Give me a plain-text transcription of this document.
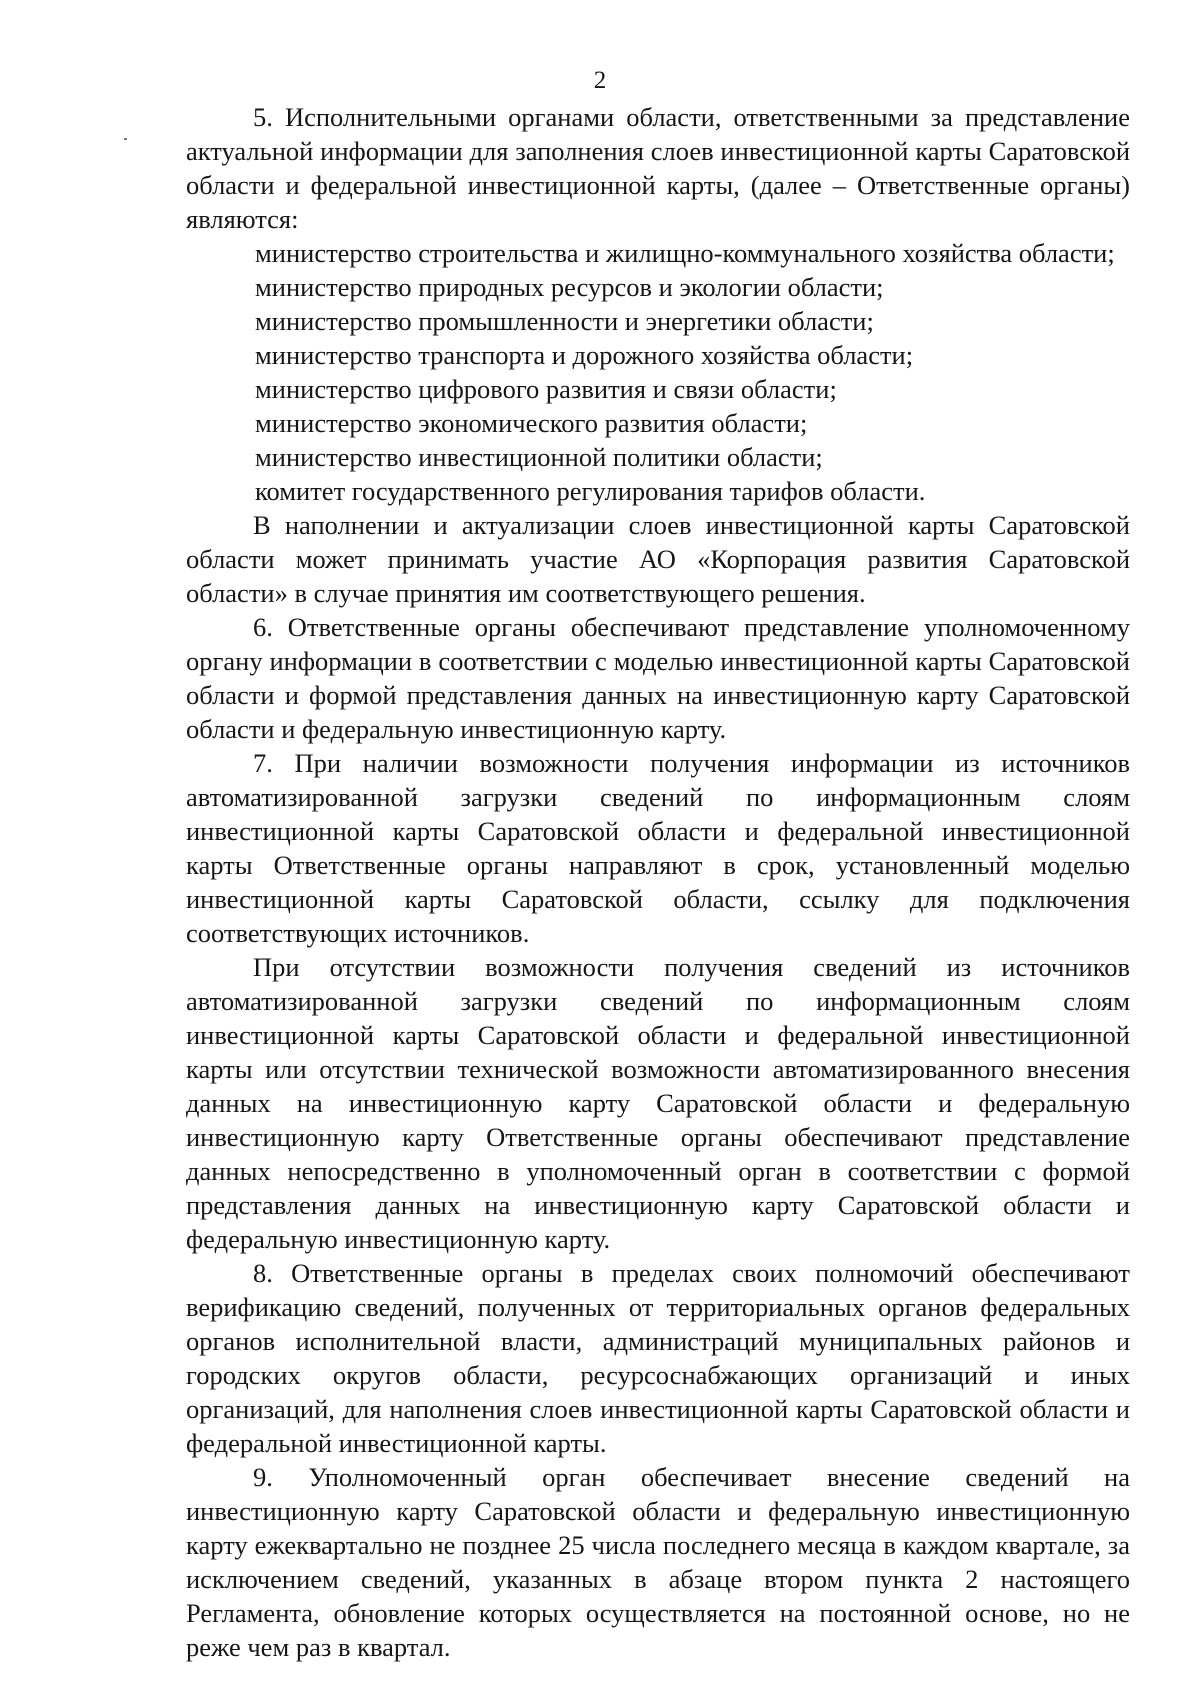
2

5. Исполнительными органами области, ответственными за представление актуальной информации для заполнения слоев инвестиционной карты Саратовской области и федеральной инвестиционной карты, (далее – Ответственные органы) являются:

министерство строительства и жилищно-коммунального хозяйства области;
министерство природных ресурсов и экологии области;
министерство промышленности и энергетики области;
министерство транспорта и дорожного хозяйства области;
министерство цифрового развития и связи области;
министерство экономического развития области;
министерство инвестиционной политики области;
комитет государственного регулирования тарифов области.

В наполнении и актуализации слоев инвестиционной карты Саратовской области может принимать участие АО «Корпорация развития Саратовской области» в случае принятия им соответствующего решения.

6. Ответственные органы обеспечивают представление уполномоченному органу информации в соответствии с моделью инвестиционной карты Саратовской области и формой представления данных на инвестиционную карту Саратовской области и федеральную инвестиционную карту.

7. При наличии возможности получения информации из источников автоматизированной загрузки сведений по информационным слоям инвестиционной карты Саратовской области и федеральной инвестиционной карты Ответственные органы направляют в срок, установленный моделью инвестиционной карты Саратовской области, ссылку для подключения соответствующих источников.

При отсутствии возможности получения сведений из источников автоматизированной загрузки сведений по информационным слоям инвестиционной карты Саратовской области и федеральной инвестиционной карты или отсутствии технической возможности автоматизированного внесения данных на инвестиционную карту Саратовской области и федеральную инвестиционную карту Ответственные органы обеспечивают представление данных непосредственно в уполномоченный орган в соответствии с формой представления данных на инвестиционную карту Саратовской области и федеральную инвестиционную карту.

8. Ответственные органы в пределах своих полномочий обеспечивают верификацию сведений, полученных от территориальных органов федеральных органов исполнительной власти, администраций муниципальных районов и городских округов области, ресурсоснабжающих организаций и иных организаций, для наполнения слоев инвестиционной карты Саратовской области и федеральной инвестиционной карты.

9. Уполномоченный орган обеспечивает внесение сведений на инвестиционную карту Саратовской области и федеральную инвестиционную карту ежеквартально не позднее 25 числа последнего месяца в каждом квартале, за исключением сведений, указанных в абзаце втором пункта 2 настоящего Регламента, обновление которых осуществляется на постоянной основе, но не реже чем раз в квартал.
